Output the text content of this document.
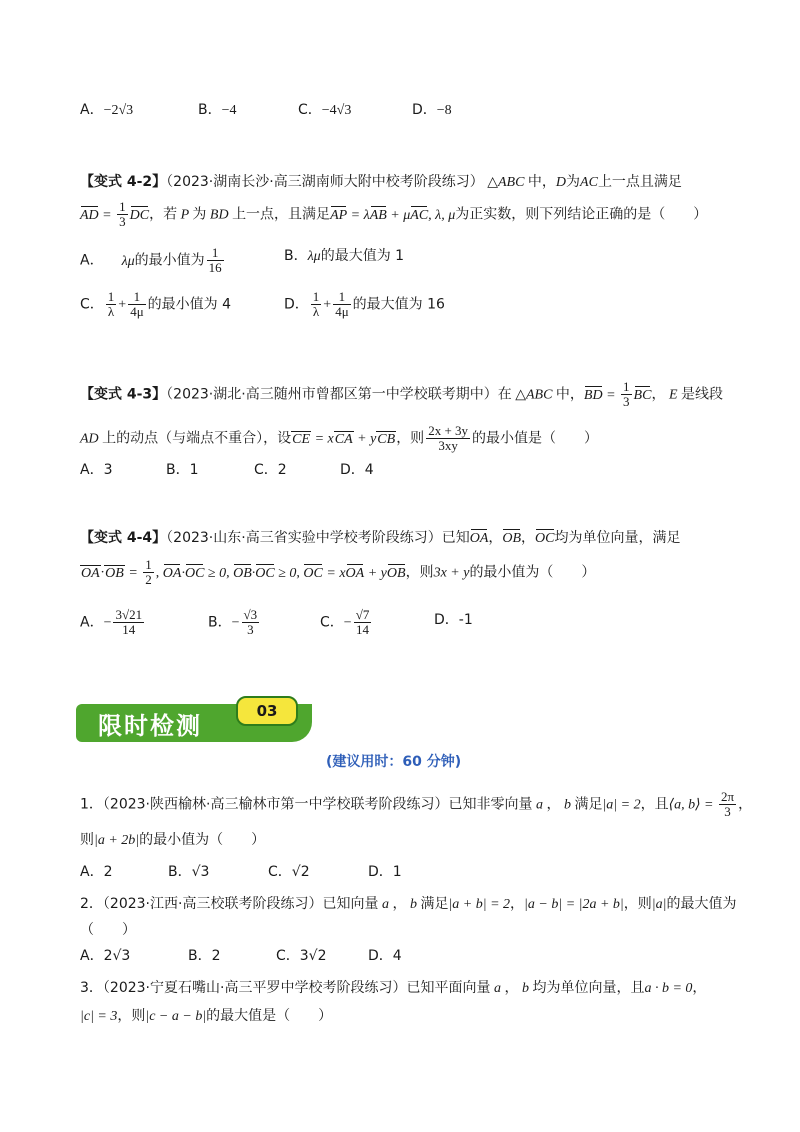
A．−2√3	B．−4	C．−4√3	D．−8
【变式 4-2】（2023·湖南长沙·高三湖南师大附中校考阶段练习） △ABC 中，D为AC上一点且满足
AD = $\frac{1}{3}$ DC，若 P 为 BD 上一点，且满足AP = λAB + μAC, λ, μ为正实数，则下列结论正确的是（　　）
A． λμ的最小值为 $\frac{1}{16}$	B．λμ的最大值为 1
C． $\frac{1}{\lambda} + \frac{1}{4\mu}$ 的最小值为 4	D． $\frac{1}{\lambda} + \frac{1}{4\mu}$ 的最大值为 16
【变式 4-3】（2023·湖北·高三随州市曾都区第一中学校联考期中）在 △ABC 中，BD = $\frac{1}{3}$ BC， E 是线段
AD 上的动点（与端点不重合），设CE = xCA + yCB，则 $\frac{2x + 3y}{3xy}$ 的最小值是（　　）
A．3	B．1	C．2	D．4
【变式 4-4】（2023·山东·高三省实验中学校考阶段练习）已知OA，OB，OC均为单位向量，满足
$OA\cdot OB = \frac{1}{2}$ , OA·OC ≥ 0, OB·OC ≥ 0, OC = xOA + yOB，则3x + y的最小值为（　　）
A．− $\frac{3√21}{14}$	B．− $\frac{√3}{3}$	C．− $\frac{√7}{14}$	D．-1
限时检测
03
(建议用时：60 分钟)
1．（2023·陕西榆林·高三榆林市第一中学校联考阶段练习）已知非零向量 a ， b 满足|a| = 2，且⟨a, b⟩ = $\frac{2\pi}{3}$ ，
则|a + 2b|的最小值为（　　）
A．2	B．√3	C．√2	D．1
2．（2023·江西·高三校联考阶段练习）已知向量 a ， b 满足|a + b| = 2，|a − b| = |2a + b|，则|a|的最大值为
（　　）
A．2√3	B．2	C．3√2	D．4
3．（2023·宁夏石嘴山·高三平罗中学校考阶段练习）已知平面向量 a ， b 均为单位向量，且a · b = 0，
|c| = 3，则|c − a − b|的最大值是（　　）
